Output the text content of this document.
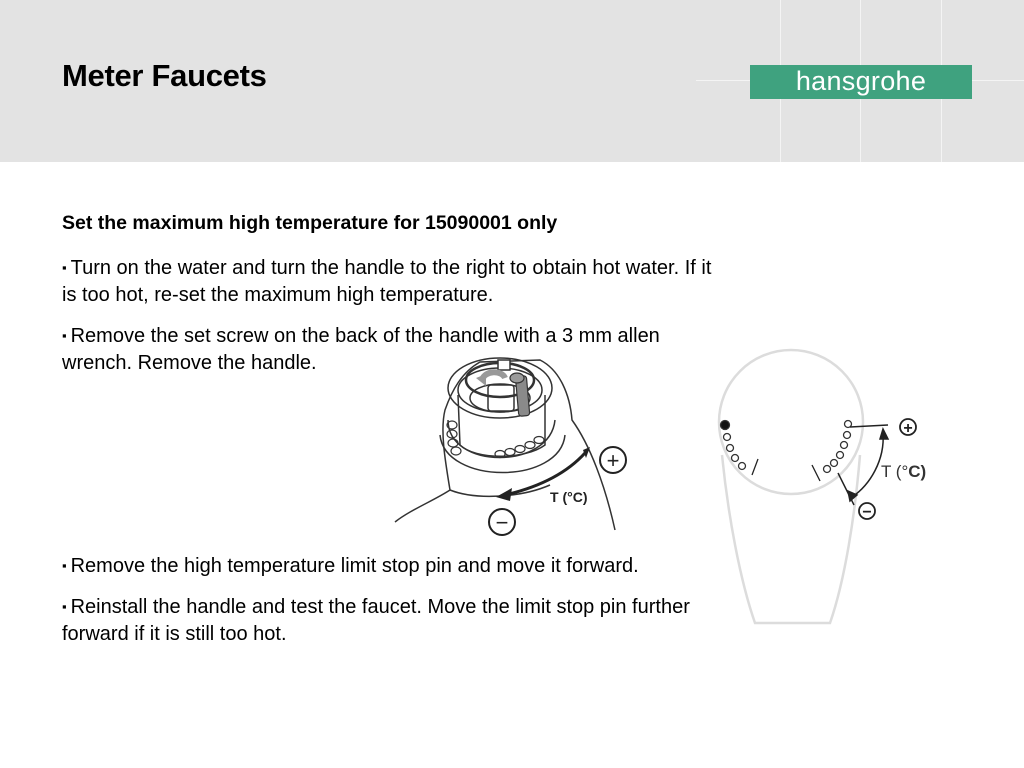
Meter Faucets	hansgrohe

Set the maximum high temperature for 15090001 only

▪ Turn on the water and turn the handle to the right to obtain hot water. If it is too hot, re-set the maximum high temperature.

▪ Remove the set screw on the back of the handle with a 3 mm allen wrench. Remove the handle.

▪ Remove the high temperature limit stop pin and move it forward.

▪ Reinstall the handle and test the faucet. Move the limit stop pin further forward if it is still too hot.

+
−
T (°C)
+
−
T (°C)
